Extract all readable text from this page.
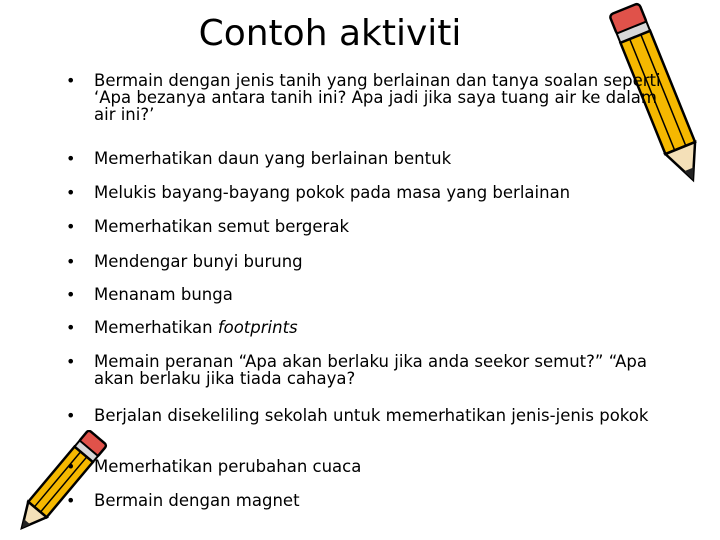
Contoh aktiviti
• Bermain dengan jenis tanih yang berlainan dan tanya soalan seperti ‘Apa bezanya antara tanih ini? Apa jadi jika saya tuang air ke dalam air ini?’
• Memerhatikan daun yang berlainan bentuk
• Melukis bayang-bayang pokok pada masa yang berlainan
• Memerhatikan semut bergerak
• Mendengar bunyi burung
• Menanam bunga
• Memerhatikan footprints
• Memain peranan “Apa akan berlaku jika anda seekor semut?” “Apa akan berlaku jika tiada cahaya?
• Berjalan disekeliling sekolah untuk memerhatikan jenis-jenis pokok
• Memerhatikan perubahan cuaca
• Bermain dengan magnet
